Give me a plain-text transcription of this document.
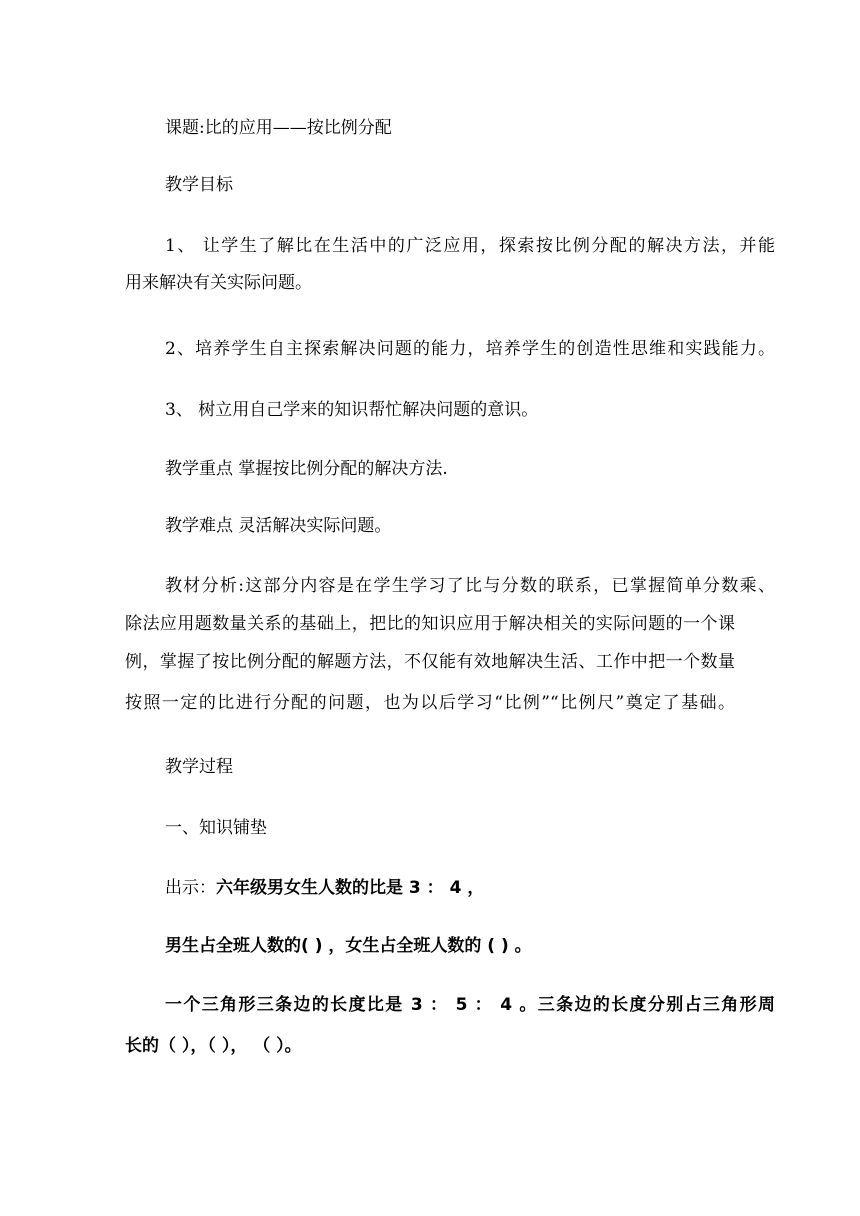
课题:比的应用——按比例分配
教学目标
1、 让学生了解比在生活中的广泛应用，探索按比例分配的解决方法，并能
用来解决有关实际问题。
2、培养学生自主探索解决问题的能力，培养学生的创造性思维和实践能力。
3、 树立用自己学来的知识帮忙解决问题的意识。
教学重点 掌握按比例分配的解决方法.
教学难点 灵活解决实际问题。
教材分析:这部分内容是在学生学习了比与分数的联系，已掌握简单分数乘、
除法应用题数量关系的基础上，把比的知识应用于解决相关的实际问题的一个课
例，掌握了按比例分配的解题方法，不仅能有效地解决生活、工作中把一个数量
按照一定的比进行分配的问题，也为以后学习“比例”“比例尺”奠定了基础。
教学过程
一、知识铺垫
出示：六年级男女生人数的比是 3 ： 4 ，
男生占全班人数的( ) ，女生占全班人数的 ( ) 。
一个三角形三条边的长度比是 3 ： 5 ： 4 。三条边的长度分别占三角形周
长的（ ），（ ）， （ ）。
